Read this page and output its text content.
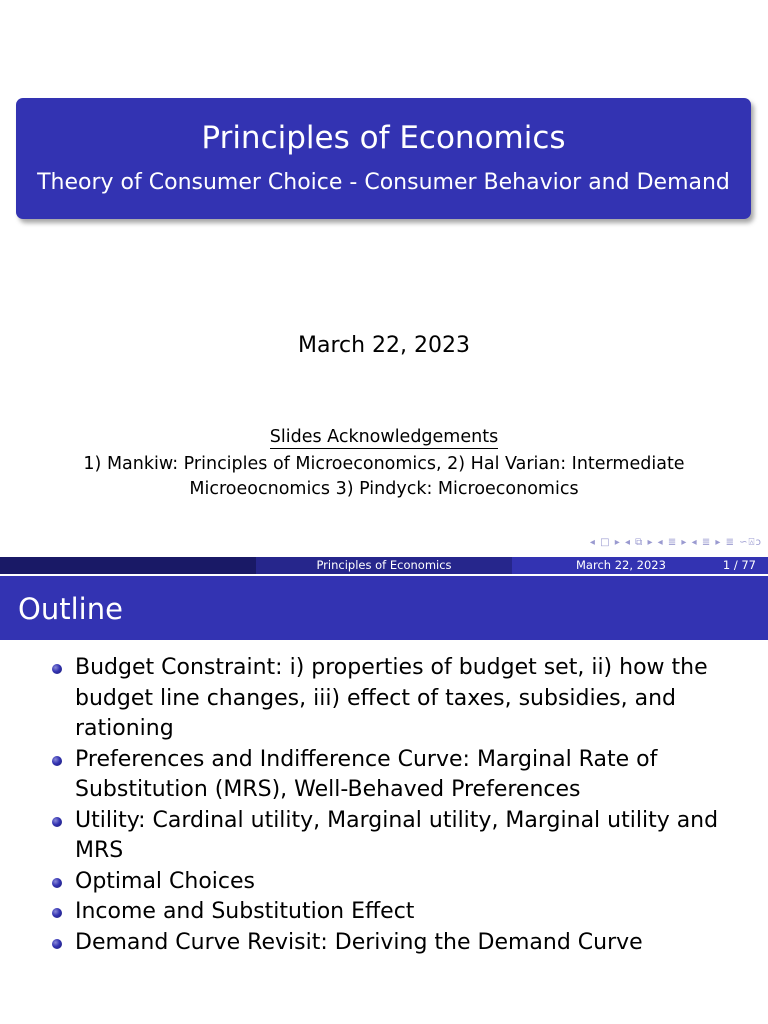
Principles of Economics
Theory of Consumer Choice - Consumer Behavior and Demand
March 22, 2023
Slides Acknowledgements
1) Mankiw: Principles of Microeconomics, 2) Hal Varian: Intermediate Microeocnomics 3) Pindyck: Microeconomics
◂ □ ▸ ◂ ⧉ ▸ ◂ ≣ ▸ ◂ ≣ ▸ ≣ ∽⍓ↄ
Principles of Economics	March 22, 2023	1 / 77
Outline
Budget Constraint: i) properties of budget set, ii) how the budget line changes, iii) effect of taxes, subsidies, and rationing
Preferences and Indifference Curve: Marginal Rate of Substitution (MRS), Well-Behaved Preferences
Utility: Cardinal utility, Marginal utility, Marginal utility and MRS
Optimal Choices
Income and Substitution Effect
Demand Curve Revisit: Deriving the Demand Curve
